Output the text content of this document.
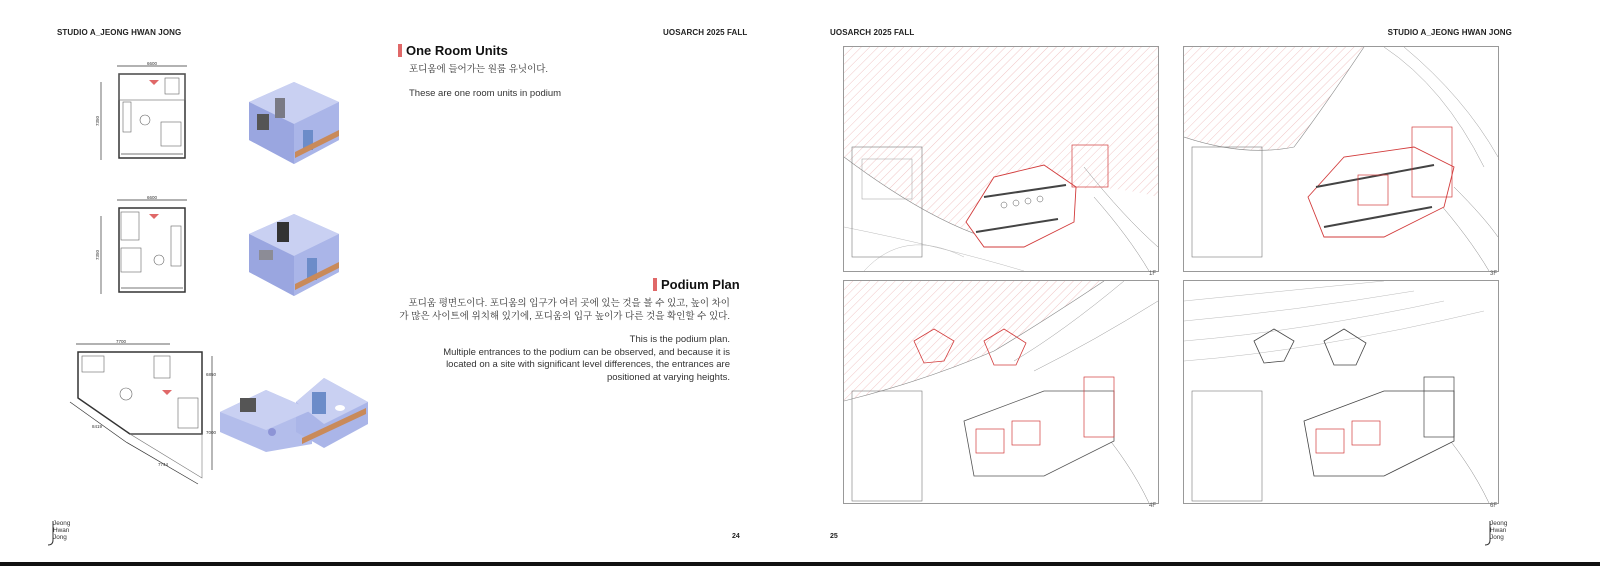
STUDIO A_JEONG HWAN JONG	UOSARCH 2025 FALL
6600
7350
6600
7350
7700
6850
7000
8419
7744
One Room Units
포디움에 들어가는 원룸 유닛이다.
These are one room units in podium
Podium Plan
포디움 평면도이다. 포디움의 입구가 여러 곳에 있는 것을 볼 수 있고, 높이 차이
가 많은 사이트에 위치해 있기에, 포디움의 입구 높이가 다른 것을 확인할 수 있다.
This is the podium plan.
Multiple entrances to the podium can be observed, and because it is
located on a site with significant level differences, the entrances are
positioned at varying heights.
Jeong
Hwan
Jong	24
UOSARCH 2025 FALL	STUDIO A_JEONG HWAN JONG
1F	3F
4F	6F
25
Jeong
Hwan
Jong
